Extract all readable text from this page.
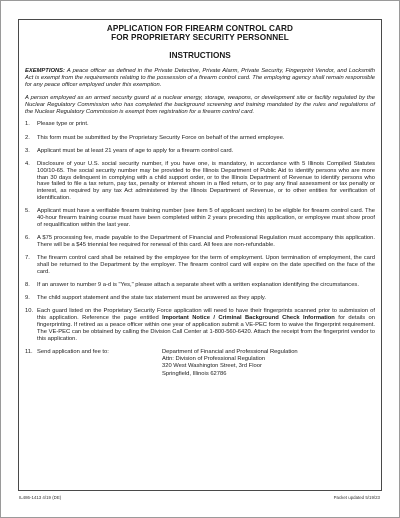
APPLICATION FOR FIREARM CONTROL CARD
FOR PROPRIETARY SECURITY PERSONNEL
INSTRUCTIONS

EXEMPTIONS: A peace officer as defined in the Private Detective, Private Alarm, Private Security, Fingerprint Vendor, and Locksmith Act is exempt from the requirements relating to the possession of a firearm control card. The employing agency shall remain responsible for any peace officer employed under this exemption.

A person employed as an armed security guard at a nuclear energy, storage, weapons, or development site or facility regulated by the Nuclear Regulatory Commission who has completed the background screening and training mandated by the rules and regulations of the Nuclear Regulatory Commission is exempt from registration for a firearm control card.

1.	Please type or print.
2.	This form must be submitted by the Proprietary Security Force on behalf of the armed employee.
3.	Applicant must be at least 21 years of age to apply for a firearm control card.
4.	Disclosure of your U.S. social security number, if you have one, is mandatory, in accordance with 5 Illinois Compiled Statutes 100/10-65. The social security number may be provided to the Illinois Department of Public Aid to identify persons who are more than 30 days delinquent in complying with a child support order, or to the Illinois Department of Revenue to identify persons who have failed to file a tax return, pay tax, penalty or interest shown in a filed return, or to pay any final assessment or tax penalty or interest, as required by any tax Act administered by the Illinois Department of Revenue, or to other entities for verification of identification.
5.	Applicant must have a verifiable firearm training number (see item 5 of applicant section) to be eligible for firearm control card. The 40-hour firearm training course must have been completed within 2 years preceding this application, or employee must show proof of requalification within the last year.
6.	A $75 processing fee, made payable to the Department of Financial and Professional Regulation must accompany this application. There will be a $45 triennial fee required for renewal of this card. All fees are non-refundable.
7.	The firearm control card shall be retained by the employee for the term of employment. Upon termination of employment, the card shall be returned to the Department by the employer. The firearm control card will expire on the date specified on the face of the card.
8.	If an answer to number 9 a-d is "Yes," please attach a separate sheet with a written explanation identifying the circumstances.
9.	The child support statement and the state tax statement must be answered as they apply.
10. Each guard listed on the Proprietary Security Force application will need to have their fingerprints scanned prior to submission of this application. Reference the page entitled Important Notice / Criminal Background Check Information for details on fingerprinting. If retired as a peace officer within one year of application submit a VE-PEC form to waive the fingerprint requirement. The VE-PEC can be obtained by calling the Division Call Center at 1-800-560-6420. Attach the receipt from the fingerprint vendor to this application.
11. Send application and fee to:	Department of Financial and Professional Regulation
Attn: Division of Professional Regulation
320 West Washington Street, 3rd Floor
Springfield, Illinois 62786
IL486-1413 4/19 (DE)	Packet updated 5/19/23
